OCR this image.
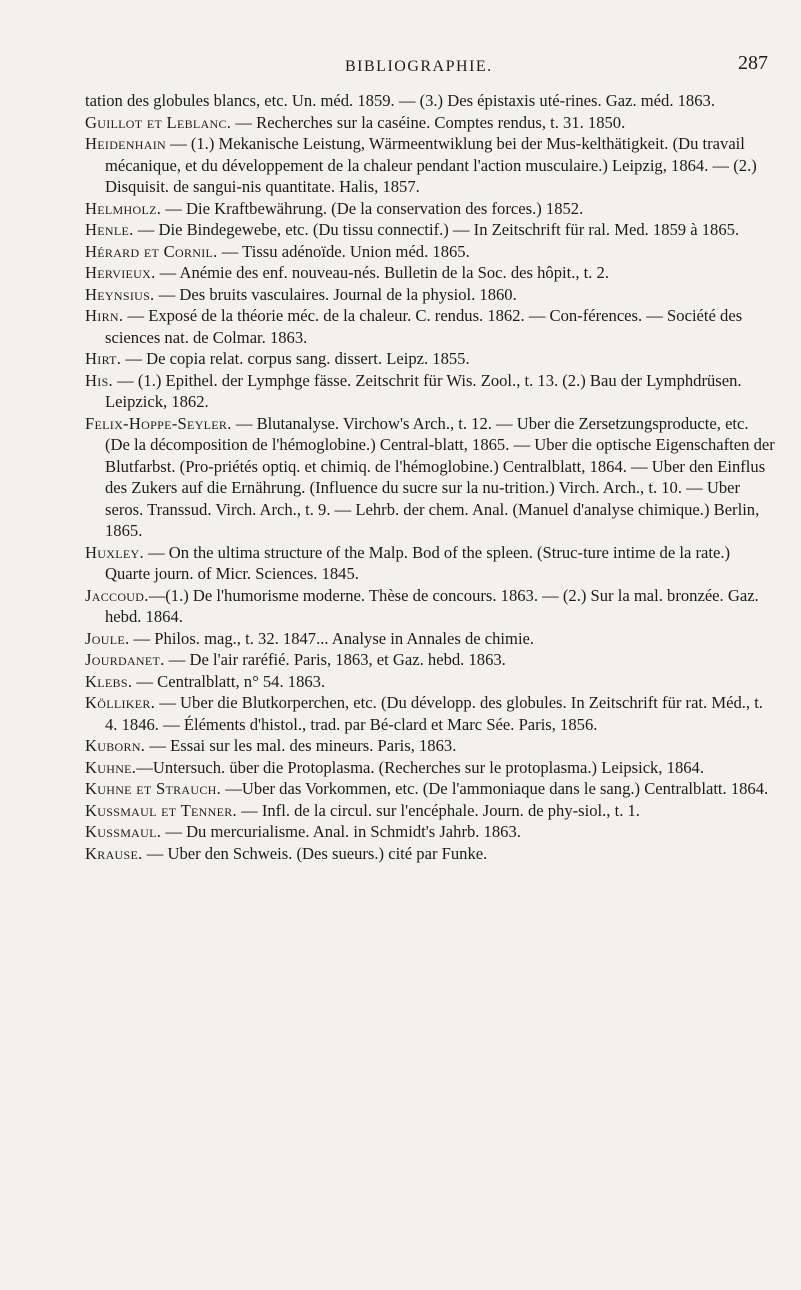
BIBLIOGRAPHIE.	287

tation des globules blancs, etc. Un. méd. 1859. — (3.) Des épistaxis uté-rines. Gaz. méd. 1863.

Guillot et Leblanc. — Recherches sur la caséine. Comptes rendus, t. 31. 1850.

Heidenhain — (1.) Mekanische Leistung, Wärmeentwiklung bei der Mus-kelthätigkeit. (Du travail mécanique, et du développement de la chaleur pendant l'action musculaire.) Leipzig, 1864. — (2.) Disquisit. de sangui-nis quantitate. Halis, 1857.

Helmholz. — Die Kraftbewährung. (De la conservation des forces.) 1852.

Henle. — Die Bindegewebe, etc. (Du tissu connectif.) — In Zeitschrift für ral. Med. 1859 à 1865.

Hérard et Cornil. — Tissu adénoïde. Union méd. 1865.

Hervieux. — Anémie des enf. nouveau-nés. Bulletin de la Soc. des hôpit., t. 2.

Heynsius. — Des bruits vasculaires. Journal de la physiol. 1860.

Hirn. — Exposé de la théorie méc. de la chaleur. C. rendus. 1862. — Con-férences. — Société des sciences nat. de Colmar. 1863.

Hirt. — De copia relat. corpus sang. dissert. Leipz. 1855.

His. — (1.) Epithel. der Lymphge fässe. Zeitschrit für Wis. Zool., t. 13. (2.) Bau der Lymphdrüsen. Leipzick, 1862.

Felix-Hoppe-Seyler. — Blutanalyse. Virchow's Arch., t. 12. — Uber die Zersetzungsproducte, etc. (De la décomposition de l'hémoglobine.) Central-blatt, 1865. — Uber die optische Eigenschaften der Blutfarbst. (Pro-priétés optiq. et chimiq. de l'hémoglobine.) Centralblatt, 1864. — Uber den Einflus des Zukers auf die Ernährung. (Influence du sucre sur la nu-trition.) Virch. Arch., t. 10. — Uber seros. Transsud. Virch. Arch., t. 9. — Lehrb. der chem. Anal. (Manuel d'analyse chimique.) Berlin, 1865.

Huxley. — On the ultima structure of the Malp. Bod of the spleen. (Struc-ture intime de la rate.) Quarte journ. of Micr. Sciences. 1845.

Jaccoud.—(1.) De l'humorisme moderne. Thèse de concours. 1863. — (2.) Sur la mal. bronzée. Gaz. hebd. 1864.

Joule. — Philos. mag., t. 32. 1847... Analyse in Annales de chimie.

Jourdanet. — De l'air raréfié. Paris, 1863, et Gaz. hebd. 1863.

Klebs. — Centralblatt, n° 54. 1863.

Kölliker. — Uber die Blutkorperchen, etc. (Du développ. des globules. In Zeitschrift für rat. Méd., t. 4. 1846. — Éléments d'histol., trad. par Bé-clard et Marc Sée. Paris, 1856.

Kuborn. — Essai sur les mal. des mineurs. Paris, 1863.

Kuhne.—Untersuch. über die Protoplasma. (Recherches sur le protoplasma.) Leipsick, 1864.

Kuhne et Strauch. —Uber das Vorkommen, etc. (De l'ammoniaque dans le sang.) Centralblatt. 1864.

Kussmaul et Tenner. — Infl. de la circul. sur l'encéphale. Journ. de phy-siol., t. 1.

Kussmaul. — Du mercurialisme. Anal. in Schmidt's Jahrb. 1863.

Krause. — Uber den Schweis. (Des sueurs.) cité par Funke.
